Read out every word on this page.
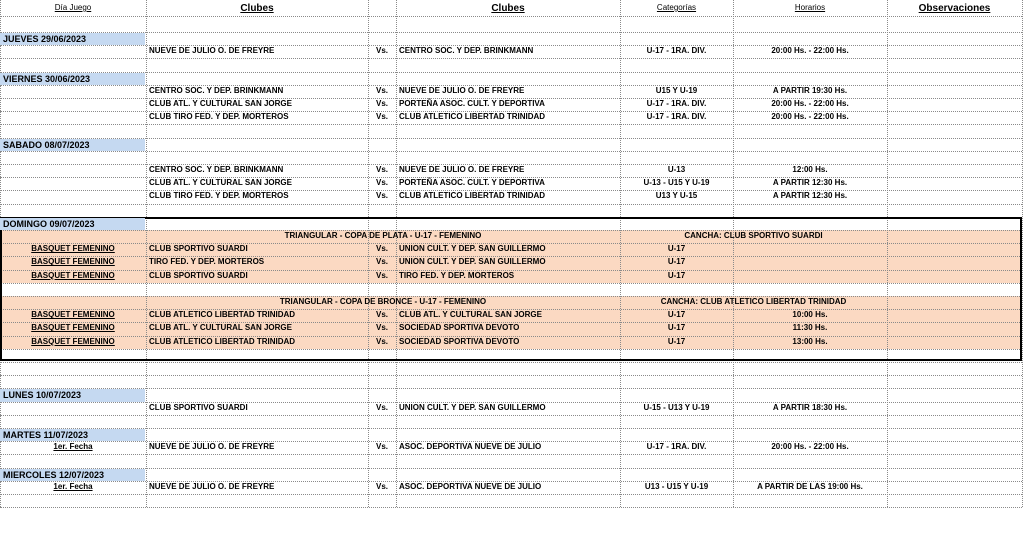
Día Juego	Clubes	Clubes	Categorías	Horarios	Observaciones
JUEVES 29/06/2023
NUEVE DE JULIO O. DE FREYRE	Vs.	CENTRO SOC. Y DEP. BRINKMANN	U-17 - 1RA. DIV.	20:00 Hs. - 22:00 Hs.
VIERNES 30/06/2023
CENTRO SOC. Y DEP. BRINKMANN	Vs.	NUEVE DE JULIO O. DE FREYRE	U15 Y U-19	A PARTIR 19:30 Hs.
CLUB ATL. Y CULTURAL SAN JORGE	Vs.	PORTEÑA ASOC. CULT. Y DEPORTIVA	U-17 - 1RA. DIV.	20:00 Hs. - 22:00 Hs.
CLUB TIRO FED. Y DEP. MORTEROS	Vs.	CLUB ATLETICO LIBERTAD TRINIDAD	U-17 - 1RA. DIV.	20:00 Hs. - 22:00 Hs.
SABADO 08/07/2023
CENTRO SOC. Y DEP. BRINKMANN	Vs.	NUEVE DE JULIO O. DE FREYRE	U-13	12:00 Hs.
CLUB ATL. Y CULTURAL SAN JORGE	Vs.	PORTEÑA ASOC. CULT. Y DEPORTIVA	U-13 - U15 Y U-19	A PARTIR 12:30 Hs.
CLUB TIRO FED. Y DEP. MORTEROS	Vs.	CLUB ATLETICO LIBERTAD TRINIDAD	U13 Y U-15	A PARTIR 12:30 Hs.
DOMINGO 09/07/2023
TRIANGULAR - COPA DE PLATA - U-17 - FEMENINO	CANCHA: CLUB SPORTIVO SUARDI
BASQUET FEMENINO	CLUB SPORTIVO SUARDI	Vs.	UNION CULT. Y DEP. SAN GUILLERMO	U-17
BASQUET FEMENINO	TIRO FED. Y DEP. MORTEROS	Vs.	UNION CULT. Y DEP. SAN GUILLERMO	U-17
BASQUET FEMENINO	CLUB SPORTIVO SUARDI	Vs.	TIRO FED. Y DEP. MORTEROS	U-17
TRIANGULAR - COPA DE BRONCE - U-17 - FEMENINO	CANCHA: CLUB ATLETICO LIBERTAD TRINIDAD
BASQUET FEMENINO	CLUB ATLETICO LIBERTAD TRINIDAD	Vs.	CLUB ATL. Y CULTURAL SAN JORGE	U-17	10:00 Hs.
BASQUET FEMENINO	CLUB ATL. Y CULTURAL SAN JORGE	Vs.	SOCIEDAD SPORTIVA DEVOTO	U-17	11:30 Hs.
BASQUET FEMENINO	CLUB ATLETICO LIBERTAD TRINIDAD	Vs.	SOCIEDAD SPORTIVA DEVOTO	U-17	13:00 Hs.
LUNES 10/07/2023
CLUB SPORTIVO SUARDI	Vs.	UNION CULT. Y DEP. SAN GUILLERMO	U-15 - U13 Y U-19	A PARTIR 18:30 Hs.
MARTES 11/07/2023
1er. Fecha	NUEVE DE JULIO O. DE FREYRE	Vs.	ASOC. DEPORTIVA NUEVE DE JULIO	U-17 - 1RA. DIV.	20:00 Hs. - 22:00 Hs.
MIERCOLES 12/07/2023
1er. Fecha	NUEVE DE JULIO O. DE FREYRE	Vs.	ASOC. DEPORTIVA NUEVE DE JULIO	U13 - U15 Y U-19	A PARTIR DE LAS 19:00 Hs.
